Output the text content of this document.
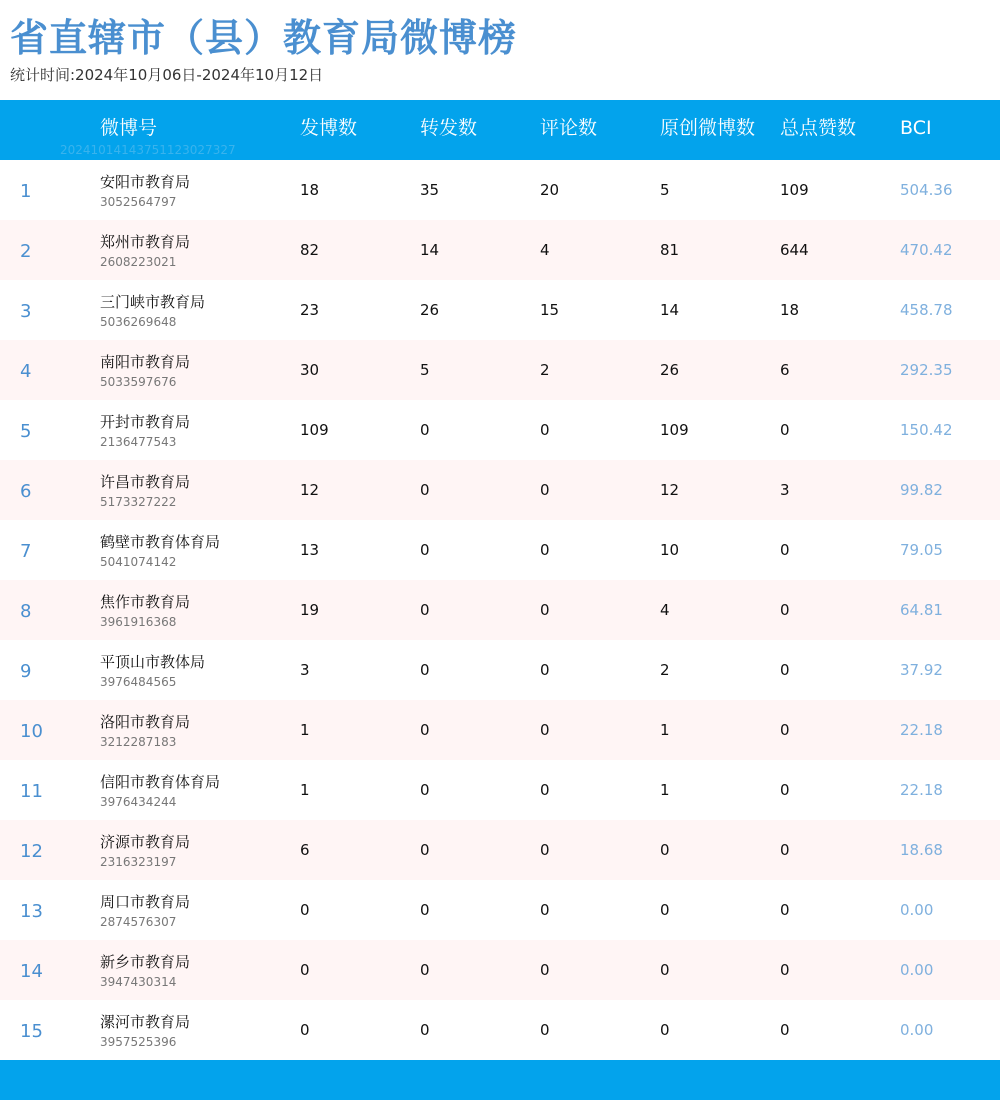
省直辖市（县）教育局微博榜
统计时间:2024年10月06日-2024年10月12日
微博号
20241014143751123027327
发博数	转发数	评论数	原创微博数 总点赞数 BCI
1	安阳市教育局
3052564797
18	35	20	5	109	504.36
2	郑州市教育局
2608223021
82	14	4	81	644	470.42
3	三门峡市教育局
5036269648
23	26	15	14	18	458.78
4	南阳市教育局
5033597676
30	5	2	26	6	292.35
5	开封市教育局
2136477543
109	0	0	109	0	150.42
6	许昌市教育局
5173327222
12	0	0	12	3	99.82
7	鹤壁市教育体育局
5041074142
13	0	0	10	0	79.05
8	焦作市教育局
3961916368
19	0	0	4	0	64.81
9	平顶山市教体局
3976484565
3	0	0	2	0	37.92
10	洛阳市教育局
3212287183
1	0	0	1	0	22.18
11	信阳市教育体育局
3976434244
1	0	0	1	0	22.18
12	济源市教育局
2316323197
6	0	0	0	0	18.68
13	周口市教育局
2874576307
0	0	0	0	0	0.00
14	新乡市教育局
3947430314
0	0	0	0	0	0.00
15	漯河市教育局
3957525396
0	0	0	0	0	0.00
